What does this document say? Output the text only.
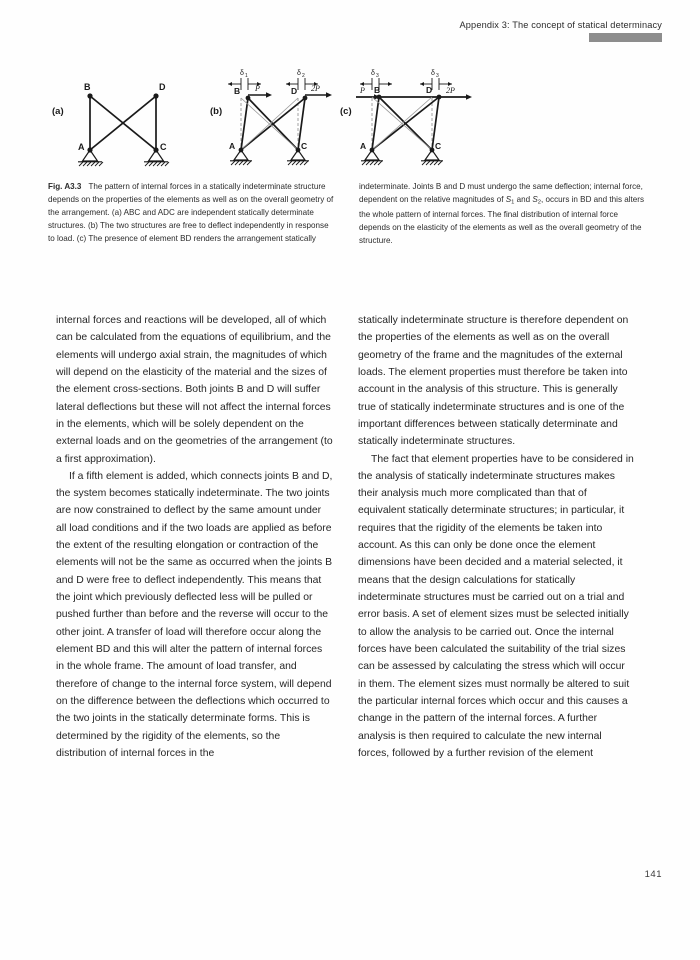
Appendix 3: The concept of statical determinacy
(a)
B	D
A	C
(b)
δ 1	δ 2
P	2P
B	D
A	C
(c)
δ 3	δ 3
P	2P
B	D
A	C

Fig. A3.3 The pattern of internal forces in a statically indeterminate structure depends on the properties of the elements as well as on the overall geometry of the arrangement. (a) ABC and ADC are independent statically determinate structures. (b) The two structures are free to deflect independently in response to load. (c) The presence of element BD renders the arrangement statically

indeterminate. Joints B and D must undergo the same deflection; internal force, dependent on the relative magnitudes of $S_1$ and $S_2$, occurs in BD and this alters the whole pattern of internal forces. The final distribution of internal force depends on the elasticity of the elements as well as the overall geometry of the structure.

internal forces and reactions will be developed, all of which can be calculated from the equations of equilibrium, and the elements will undergo axial strain, the magnitudes of which will depend on the elasticity of the material and the sizes of the element cross-sections. Both joints B and D will suffer lateral deflections but these will not affect the internal forces in the elements, which will be solely dependent on the external loads and on the geometries of the arrangement (to a first approximation).

If a fifth element is added, which connects joints B and D, the system becomes statically indeterminate. The two joints are now constrained to deflect by the same amount under all load conditions and if the two loads are applied as before the extent of the resulting elongation or contraction of the elements will not be the same as occurred when the joints B and D were free to deflect independently. This means that the joint which previously deflected less will be pulled or pushed further than before and the reverse will occur to the other joint. A transfer of load will therefore occur along the element BD and this will alter the pattern of internal forces in the whole frame. The amount of load transfer, and therefore of change to the internal force system, will depend on the difference between the deflections which occurred to the two joints in the statically determinate forms. This is determined by the rigidity of the elements, so the distribution of internal forces in the

statically indeterminate structure is therefore dependent on the properties of the elements as well as on the overall geometry of the frame and the magnitudes of the external loads. The element properties must therefore be taken into account in the analysis of this structure. This is generally true of statically indeterminate structures and is one of the important differences between statically determinate and statically indeterminate structures.

The fact that element properties have to be considered in the analysis of statically indeterminate structures makes their analysis much more complicated than that of equivalent statically determinate structures; in particular, it requires that the rigidity of the elements be taken into account. As this can only be done once the element dimensions have been decided and a material selected, it means that the design calculations for statically indeterminate structures must be carried out on a trial and error basis. A set of element sizes must be selected initially to allow the analysis to be carried out. Once the internal forces have been calculated the suitability of the trial sizes can be assessed by calculating the stress which will occur in them. The element sizes must normally be altered to suit the particular internal forces which occur and this causes a change in the pattern of the internal forces. A further analysis is then required to calculate the new internal forces, followed by a further revision of the element

141
